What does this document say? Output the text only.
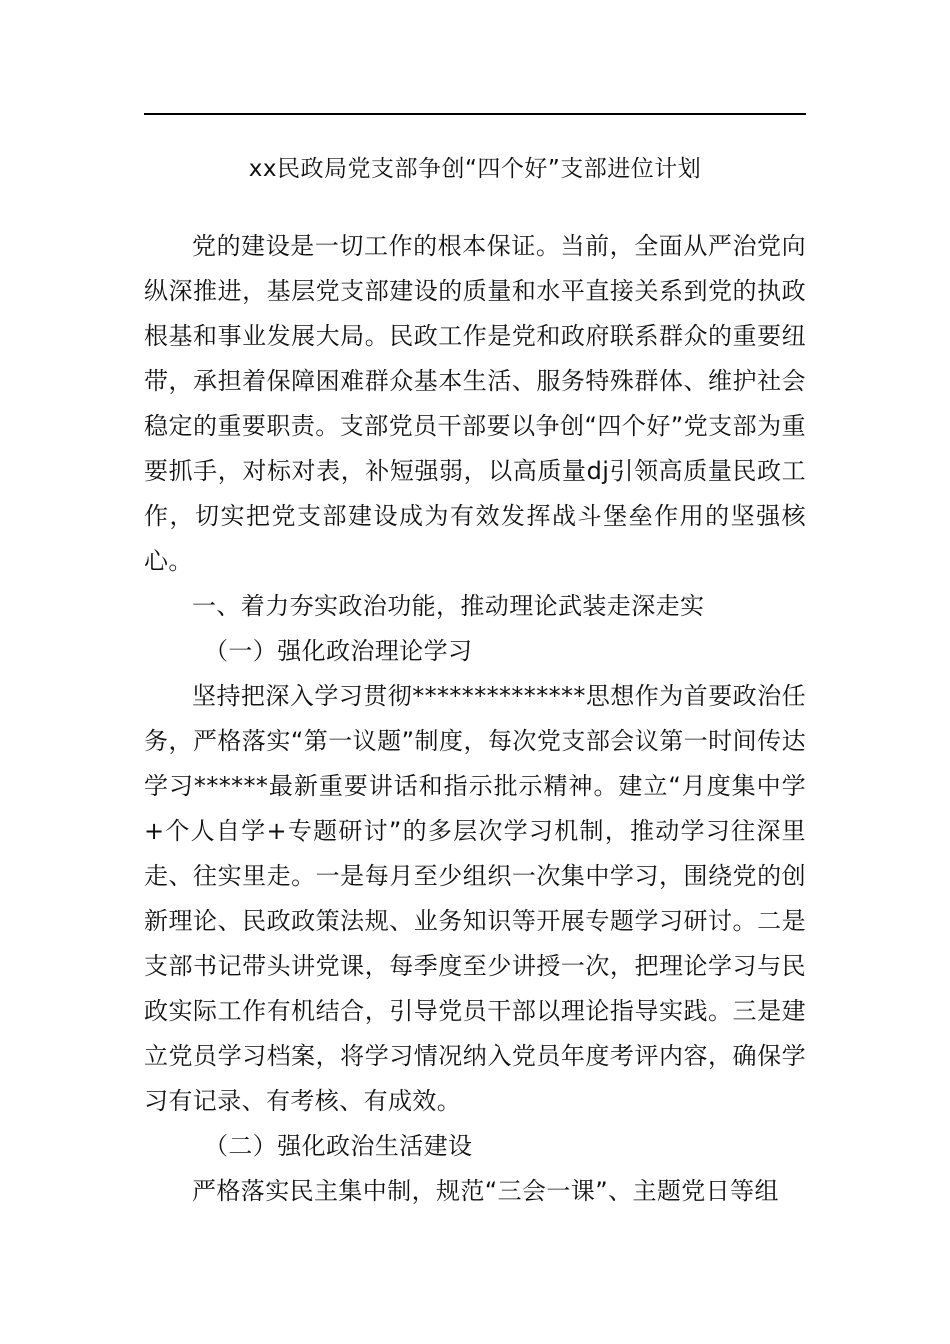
xx民政局党支部争创“四个好”支部进位计划

党的建设是一切工作的根本保证。当前，全面从严治党向纵深推进，基层党支部建设的质量和水平直接关系到党的执政根基和事业发展大局。民政工作是党和政府联系群众的重要纽带，承担着保障困难群众基本生活、服务特殊群体、维护社会稳定的重要职责。支部党员干部要以争创“四个好”党支部为重要抓手，对标对表，补短强弱，以高质量dj引领高质量民政工作，切实把党支部建设成为有效发挥战斗堡垒作用的坚强核心。

一、着力夯实政治功能，推动理论武装走深走实

（一）强化政治理论学习

坚持把深入学习贯彻**************思想作为首要政治任务，严格落实“第一议题”制度，每次党支部会议第一时间传达学习******最新重要讲话和指示批示精神。建立“月度集中学+个人自学+专题研讨”的多层次学习机制，推动学习往深里走、往实里走。一是每月至少组织一次集中学习，围绕党的创新理论、民政政策法规、业务知识等开展专题学习研讨。二是支部书记带头讲党课，每季度至少讲授一次，把理论学习与民政实际工作有机结合，引导党员干部以理论指导实践。三是建立党员学习档案，将学习情况纳入党员年度考评内容，确保学习有记录、有考核、有成效。

（二）强化政治生活建设

严格落实民主集中制，规范“三会一课”、主题党日等组
